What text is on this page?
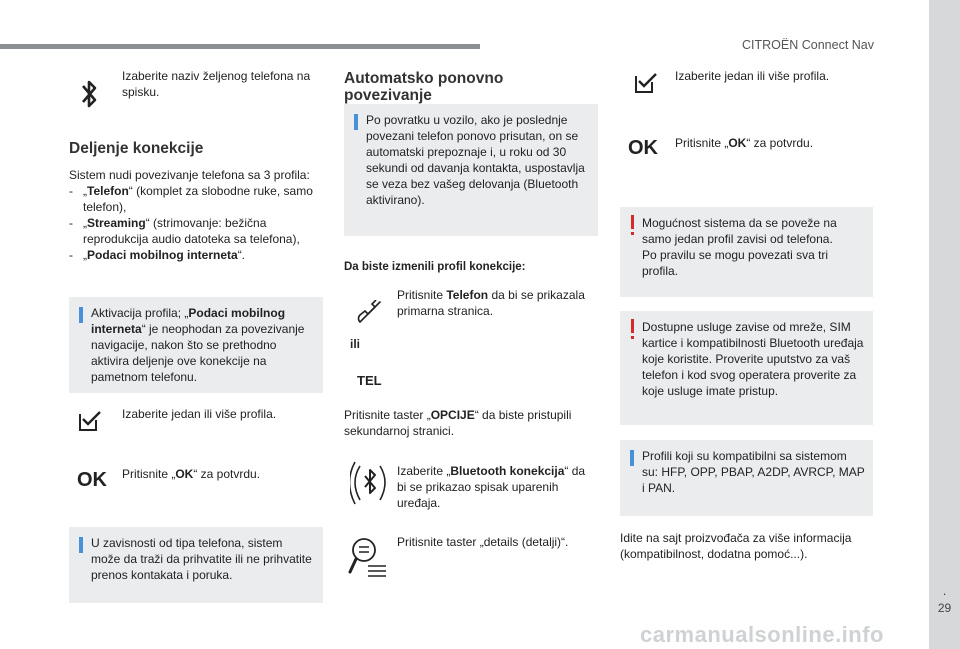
CITROËN Connect Nav
.
29
carmanualsonline.info

Izaberite naziv željenog telefona na spisku.

Deljenje konekcije

Sistem nudi povezivanje telefona sa 3 profila:

- „Telefon“ (komplet za slobodne ruke, samo telefon),
- „Streaming“ (strimovanje: bežična reprodukcija audio datoteka sa telefona),
- „Podaci mobilnog interneta“.
Aktivacija profila; „Podaci mobilnog interneta“ je neophodan za povezivanje navigacije, nakon što se prethodno aktivira deljenje ove konekcije na pametnom telefonu.

Izaberite jedan ili više profila.

OK Pritisnite „OK“ za potvrdu.

U zavisnosti od tipa telefona, sistem može da traži da prihvatite ili ne prihvatite prenos kontakata i poruka.
Automatsko ponovno povezivanje
Po povratku u vozilo, ako je poslednje povezani telefon ponovo prisutan, on se automatski prepoznaje i, u roku od 30 sekundi od davanja kontakta, uspostavlja se veza bez vašeg delovanja (Bluetooth aktivirano).

Da biste izmenili profil konekcije:

Pritisnite Telefon da bi se prikazala primarna stranica.

ili

TEL

Pritisnite taster „OPCIJE“ da biste pristupili sekundarnoj stranici.

Izaberite „Bluetooth konekcija“ da bi se prikazao spisak uparenih uređaja.

Pritisnite taster „details (detalji)“.

Izaberite jedan ili više profila.

OK Pritisnite „OK“ za potvrdu.

Mogućnost sistema da se poveže na samo jedan profil zavisi od telefona.
Po pravilu se mogu povezati sva tri profila.
Dostupne usluge zavise od mreže, SIM kartice i kompatibilnosti Bluetooth uređaja koje koristite. Proverite uputstvo za vaš telefon i kod svog operatera proverite za koje usluge imate pristup.
Profili koji su kompatibilni sa sistemom su: HFP, OPP, PBAP, A2DP, AVRCP, MAP i PAN.

Idite na sajt proizvođača za više informacija (kompatibilnost, dodatna pomoć...).
